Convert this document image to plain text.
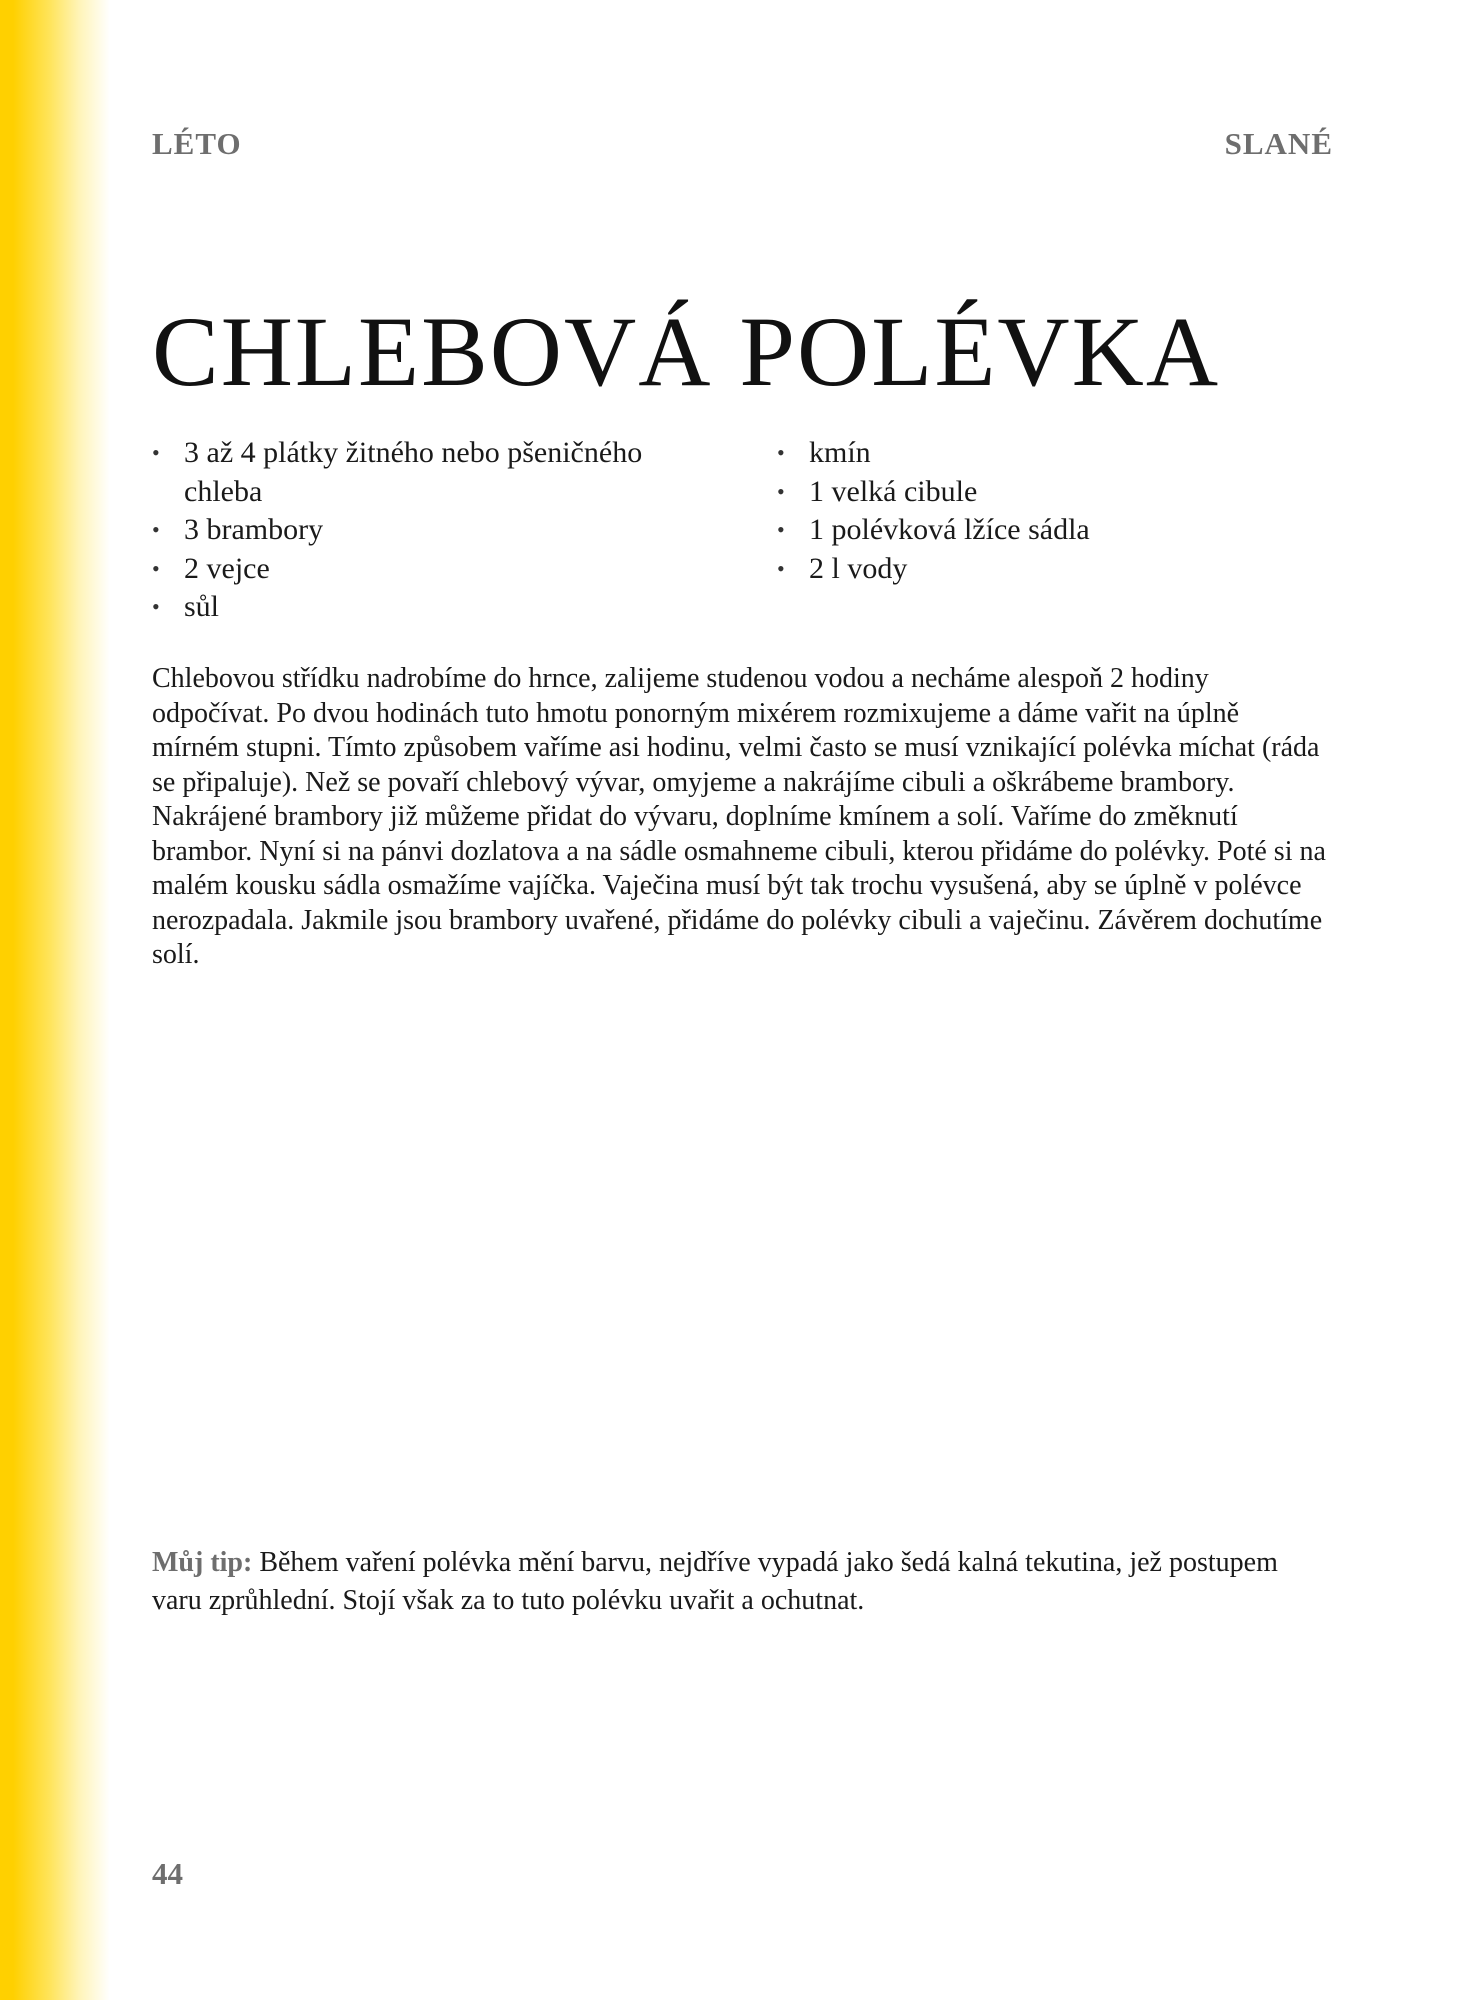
LÉTO	SLANÉ
CHLEBOVÁ POLÉVKA
• 3 až 4 plátky žitného nebo pšeničného chleba
• 3 brambory
• 2 vejce
• sůl
• kmín
• 1 velká cibule
• 1 polévková lžíce sádla
• 2 l vody

Chlebovou střídku nadrobíme do hrnce, zalijeme studenou vodou a necháme alespoň 2 hodiny odpočívat. Po dvou hodinách tuto hmotu ponorným mixérem rozmixujeme a dáme vařit na úplně mírném stupni. Tímto způsobem vaříme asi hodinu, velmi často se musí vznikající polévka míchat (ráda se připaluje). Než se povaří chlebový vývar, omyjeme a nakrájíme cibuli a oškrábeme brambory. Nakrájené brambory již můžeme přidat do vývaru, doplníme kmínem a solí. Vaříme do změknutí brambor. Nyní si na pánvi dozlatova a na sádle osmahneme cibuli, kterou přidáme do polévky. Poté si na malém kousku sádla osmažíme vajíčka. Vaječina musí být tak trochu vysušená, aby se úplně v polévce nerozpadala. Jakmile jsou brambory uvařené, přidáme do polévky cibuli a vaječinu. Závěrem dochutíme solí.

Můj tip: Během vaření polévka mění barvu, nejdříve vypadá jako šedá kalná tekutina, jež postupem varu zprůhlední. Stojí však za to tuto polévku uvařit a ochutnat.

44
